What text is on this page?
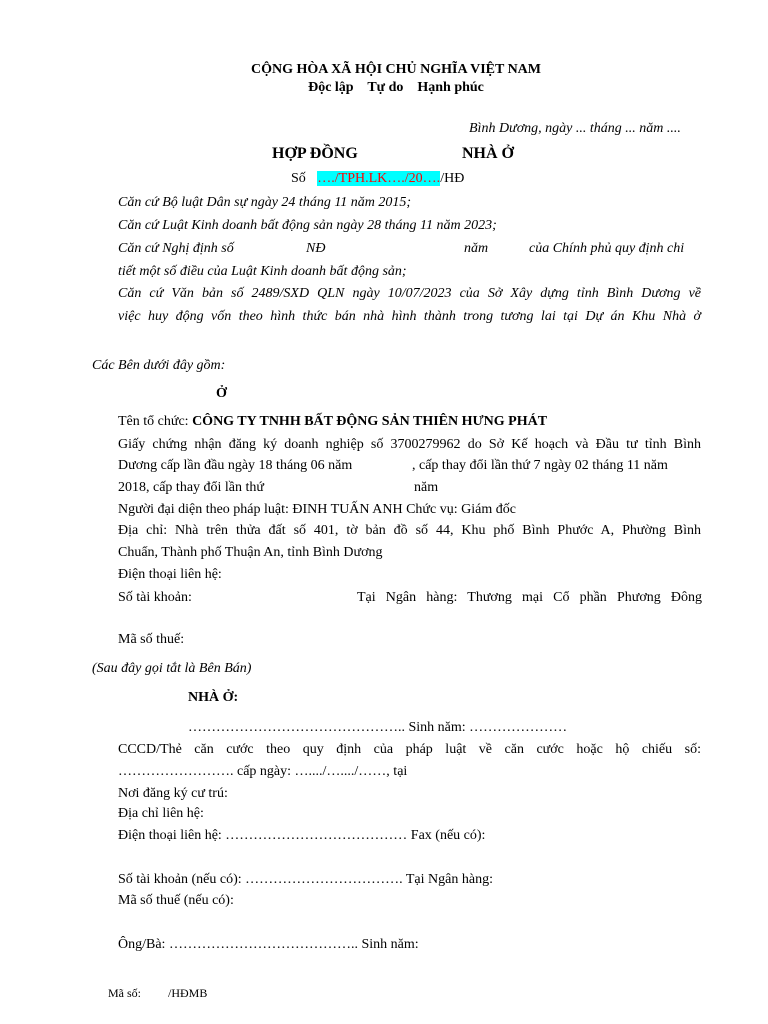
CỘNG HÒA XÃ HỘI CHỦ NGHĨA VIỆT NAM
Độc lập    Tự do    Hạnh phúc
Bình Dương, ngày ... tháng ... năm ....
HỢP ĐỒNG	NHÀ Ở
Số …./TPH.LK…./20…./HĐ
Căn cứ Bộ luật Dân sự ngày 24 tháng 11 năm 2015;
Căn cứ Luật Kinh doanh bất động sản ngày 28 tháng 11 năm 2023;
Căn cứ Nghị định số	NĐ	năm	của Chính phủ quy định chi
tiết một số điều của Luật Kinh doanh bất động sản;
Căn cứ Văn bản số 2489/SXD QLN ngày 10/07/2023 của Sở Xây dựng tỉnh Bình Dương về
việc huy động vốn theo hình thức bán nhà hình thành trong tương lai tại Dự án Khu Nhà ở
Các Bên dưới đây gồm:
Ở
Tên tổ chức: CÔNG TY TNHH BẤT ĐỘNG SẢN THIÊN HƯNG PHÁT
Giấy chứng nhận đăng ký doanh nghiệp số 3700279962 do Sở Kế hoạch và Đầu tư tỉnh Bình
Dương cấp lần đầu ngày 18 tháng 06 năm	, cấp thay đổi lần thứ 7 ngày 02 tháng 11 năm
2018, cấp thay đổi lần thứ	năm
Người đại diện theo pháp luật: ĐINH TUẤN ANH Chức vụ: Giám đốc
Địa chỉ: Nhà trên thửa đất số 401, tờ bản đồ số 44, Khu phố Bình Phước A, Phường Bình
Chuẩn, Thành phố Thuận An, tỉnh Bình Dương
Điện thoại liên hệ:
Số tài khoản:	Tại Ngân hàng: Thương mại Cổ phần Phương Đông
Mã số thuế:
(Sau đây gọi tắt là Bên Bán)
NHÀ Ở:
……………………………………….. Sinh năm: …………………
CCCD/Thẻ căn cước theo quy định của pháp luật về căn cước hoặc hộ chiếu số:
……………………. cấp ngày: …..../…..../……, tại
Nơi đăng ký cư trú:
Địa chỉ liên hệ:
Điện thoại liên hệ: ………………………………… Fax (nếu có):
Số tài khoản (nếu có): ……………………………. Tại Ngân hàng:
Mã số thuế (nếu có):
Ông/Bà: ………………………………….. Sinh năm:
Mã số: /HĐMB
